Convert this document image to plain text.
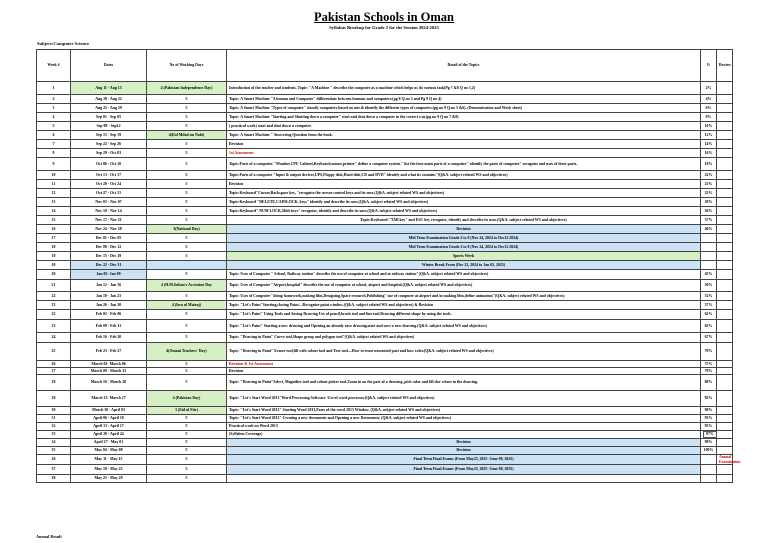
Pakistan Schools in Oman
Syllabus Breakup for Grade 2 for the Session 2024-2025
Subject:Computer Science
Week #	Dates	No of Working Days	Detail of the Topics	%	Review
1	Aug 11 - Aug 15	4 (Pakistan Independence Day)	Introduction of the teacher and students. Topic: "A Machine " describe the computer as a machine which helps us do various task(Pg 7 &8 Q no 1,2)	2%	
2	Aug 18 - Aug 22	5	Topic: A Smart Machine "A human and Computer" differentiate between humans and computers.(pg 8 Q.no 3 and Pg 9 Q no 4)	4%	
3	Aug 25 - Aug 29	5	Topic: A Smart Machine "Types of computer" classify computers based on size.& identify the different types of computers.(pg no 9 Q.no 5 &6). (Demonstration and Work sheet)	6%	
4	Sep 01 - Sep 05	5	Topic: A Smart Machine "Starting and Shutting down a computer" start and shut down a computer in the correct way(pg no 9 Q no 7 &8)	8%	
5	Sep 08 - Sep12	5	( practical work) start and shut down a computer.	10%	
6	Sep 15 - Sep 19	4(Eid Milad un Nabi)	Topic: A Smart Machine " Answering Question from the book.	12%	
7	Sep 22 - Sep 26	5	Revision	14%	
8	Sep 29 - Oct 03	5	1st Assessment	16%	
9	Oct 06 - Oct 10	5	Topic:Parts of a computer. "Monitor,CPU Cabinet,Keyboard,mouse,printer" define a computer system." list the four main parts of a computer" identify the parts of computer" recognise and uses of these parts.	18%	
10	Oct 13 - Oct 17	5	Topic:Parts of a computer "Input & output devices,UPS,Floppy disk,Hard disk,CD and DVD" identify and what its contains"(Q&A. subject related WS and objectives)	22%	
11	Oct 20 - Oct 24	5	Revision	23%	
12	Oct 27 - Oct 31	5	Topic:Keyboard"Cursor,Backspace key, "recognise the cursor control keys and its uses.(Q&A. subject related WS and objectives)	25%	
13	Nov 03 - Nov 07	5	Topic:Keyboard "DELETE,CAPSLOCK, keys" identify and describe its uses.(Q&A. subject related WS and objectives)	29%	
14	Nov 10 - Nov 14	5	Topic:Keyboard" NUM LOCK,Shift keys" recognise, identify and describe its uses.(Q&A. subject related WS and objectives)	36%	
15	Nov 17 - Nov 21	5	Topic:Keyboard:"TAB key" and ESC key recognise, identify and describe its uses.(Q&A. subject related WS and objectives)	37%	
16	Nov 24 - Nov 28	3(National Day)	Revision	40%	
17	Dec 01 - Dec 05	5	Mid Term Examination Grade 2 to 8 (Nov 24, 2024 to Dec12 2024)		
18	Dec 08 - Dec 12	5	Mid Term Examination Grade 2 to 8 (Nov 24, 2024 to Dec12 2024)		
19	Dec 15 - Dec 19	5	Sports Week		
20	Dec 22 - Dec 31		Winter Break From (Dec 22, 2024 to Jan 02, 2025)		
20	Jan 05- Jan 09	5	Topic: Uses of Computer " School, Railway station" describe the use of computer at school and at railway station"(Q&A. subject related WS and objectives)	45%	
21	Jan 12 - Jan 16	4 (H.M.Sultan's Accession Day	Topic: Uses of Computer "Airport,hospital" describe the use of computer at school, airport and hospital.(Q&A. subject related WS and objectives)	50%	
22	Jan 19 - Jan 23	5	Topic: Uses of Computer "doing homework,making film,Designing,Space research,Publishing" use of computer at airport and in making film,define animation"(Q&A. subject related WS and objectives)	52%	
23	Jan 26 - Jan 30	4 (Isra ul Mairaj)	Topic: "Let's Paint"Starting,closing Paint....Recognize paint window.(Q&A. subject related WS and objectives) & Revision	57%	
22	Feb 02 - Feb 06	5	Topic: "Let's Paint" Using Tools and Saving Drawing Use of pencil,brush tool and line tool.Drawing different shape by using the tools.	62%	
23	Feb 09 - Feb 13	5	Topic: "Let's Paint" Starting a new drawing and Opening an already save drawing.start and save a new drawing.(Q&A. subject related WS and objectives)	65%	
24	Feb 16 - Feb 20	5	Topic: "Drawing in Paint" Curve tool,Shape group and polygon tool"(Q&A. subject related WS and objectives)	67%	
25	Feb 23 - Feb 27	4(Omani Teachers' Day)	Topic: "Drawing in Paint" Eraser tool,fill with colour tool and Text tool....How to erase unwanted part and how color.(Q&A. subject related WS and objectives)	70%	
26	March 02- March 06	5	Revision & 1st Assessment	75%	
27	March 09 - March 13	5	Revision	78%	
28	March 16 - March 20	5	Topic: "Drawing in Paint"Select, Magnifier tool and colour picker tool.Zoom in on the part of a drawing ,pick color and fill slor where in the drawing.	80%	
29	March 23- March 27	4 (Pakistan Day)	Topic: "Let's Start Word 2013"Word Processing Software. Use of word processor.(Q&A. subject related WS and objectives)	85%	
30	March 30 - April 03	3 (Eid ul Fitr)	Topic: "Let's Start Word 2013" Starting Word 2013,Parts of the word 2013 Window. (Q&A. subject related WS and objectives)	90%	
31	April 06 - April 10	5	Topic: "Let's Start Word 2013" Creating a new documents and Opening a new Documents. (Q&A. subject related WS and objectives)	93%	
32	April 13 - April 17	5	Practical work on Word 2013	95%	
33	April 20 - April 24	5	(Syllabus Coverage)	97%	
34	April 27 - May 01	5	Revision	99%	
35	May 04 - May 08	5	Revision	100%	
36	May 11 - May 15	5	Final Term Final Exams (From May25, 2025 -June 08, 2025)		Annual Examination
37	May 18 - May 22	5	Final Term Final Exams (From May25, 2025 -June 08, 2025)		
38	May 25 - May 29	5			
Annual Result
